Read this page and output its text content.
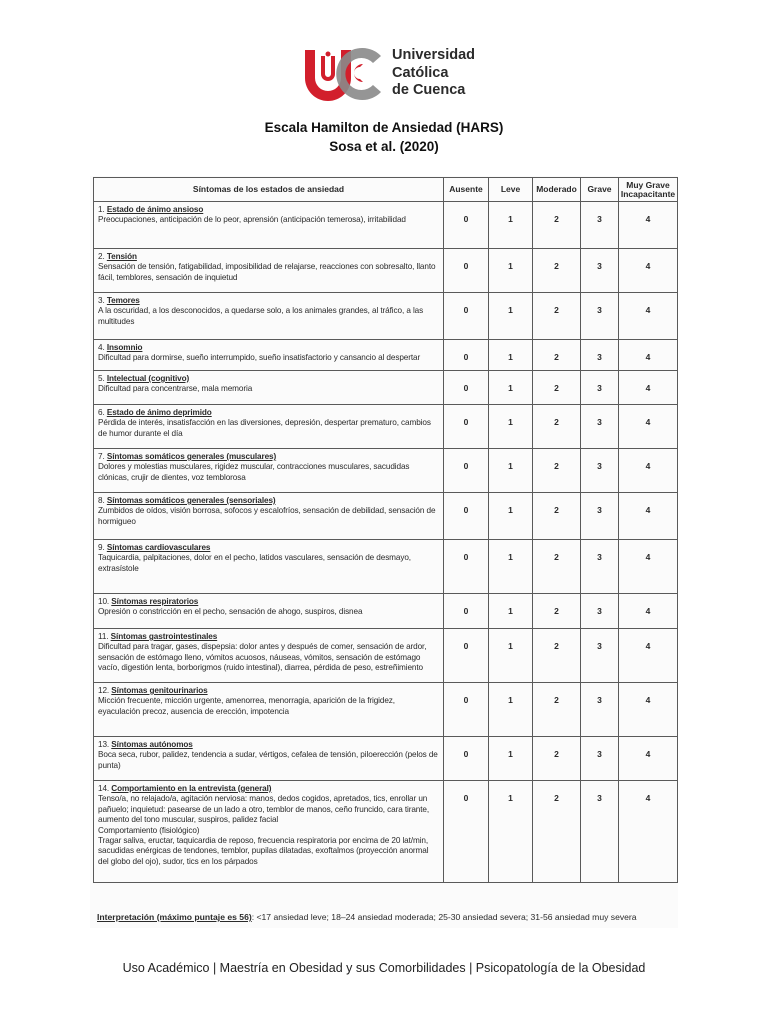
Universidad
Católica
de Cuenca
Escala Hamilton de Ansiedad (HARS)
Sosa et al. (2020)
Síntomas de los estados de ansiedad	Ausente	Leve	Moderado	Grave	Muy Grave Incapacitante

1. Estado de ánimo ansioso
Preocupaciones, anticipación de lo peor, aprensión (anticipación temerosa), irritabilidad	0	1	2	3	4

2. Tensión
Sensación de tensión, fatigabilidad, imposibilidad de relajarse, reacciones con sobresalto, llanto fácil, temblores, sensación de inquietud	0	1	2	3	4

3. Temores
A la oscuridad, a los desconocidos, a quedarse solo, a los animales grandes, al tráfico, a las multitudes	0	1	2	3	4

4. Insomnio
Dificultad para dormirse, sueño interrumpido, sueño insatisfactorio y cansancio al despertar	0	1	2	3	4

5. Intelectual (cognitivo)
Dificultad para concentrarse, mala memoria	0	1	2	3	4

6. Estado de ánimo deprimido
Pérdida de interés, insatisfacción en las diversiones, depresión, despertar prematuro, cambios de humor durante el día	0	1	2	3	4

7. Síntomas somáticos generales (musculares)
Dolores y molestias musculares, rigidez muscular, contracciones musculares, sacudidas clónicas, crujir de dientes, voz temblorosa	0	1	2	3	4

8. Síntomas somáticos generales (sensoriales)
Zumbidos de oídos, visión borrosa, sofocos y escalofríos, sensación de debilidad, sensación de hormigueo	0	1	2	3	4

9. Síntomas cardiovasculares
Taquicardia, palpitaciones, dolor en el pecho, latidos vasculares, sensación de desmayo, extrasístole	0	1	2	3	4

10. Síntomas respiratorios
Opresión o constricción en el pecho, sensación de ahogo, suspiros, disnea	0	1	2	3	4

11. Síntomas gastrointestinales
Dificultad para tragar, gases, dispepsia: dolor antes y después de comer, sensación de ardor, sensación de estómago lleno, vómitos acuosos, náuseas, vómitos, sensación de estómago vacío, digestión lenta, borborigmos (ruido intestinal), diarrea, pérdida de peso, estreñimiento	0	1	2	3	4

12. Síntomas genitourinarios
Micción frecuente, micción urgente, amenorrea, menorragia, aparición de la frigidez, eyaculación precoz, ausencia de erección, impotencia	0	1	2	3	4

13. Síntomas autónomos
Boca seca, rubor, palidez, tendencia a sudar, vértigos, cefalea de tensión, piloerección (pelos de punta)	0	1	2	3	4

14. Comportamiento en la entrevista (general)
Tenso/a, no relajado/a, agitación nerviosa: manos, dedos cogidos, apretados, tics, enrollar un pañuelo; inquietud: pasearse de un lado a otro, temblor de manos, ceño fruncido, cara tirante, aumento del tono muscular, suspiros, palidez facial
Comportamiento (fisiológico)
Tragar saliva, eructar, taquicardia de reposo, frecuencia respiratoria por encima de 20 lat/min, sacudidas enérgicas de tendones, temblor, pupilas dilatadas, exoftalmos (proyección anormal del globo del ojo), sudor, tics en los párpados	0	1	2	3	4
Interpretación (máximo puntaje es 56): <17 ansiedad leve; 18–24 ansiedad moderada; 25-30 ansiedad severa; 31-56 ansiedad muy severa
Uso Académico | Maestría en Obesidad y sus Comorbilidades | Psicopatología de la Obesidad
